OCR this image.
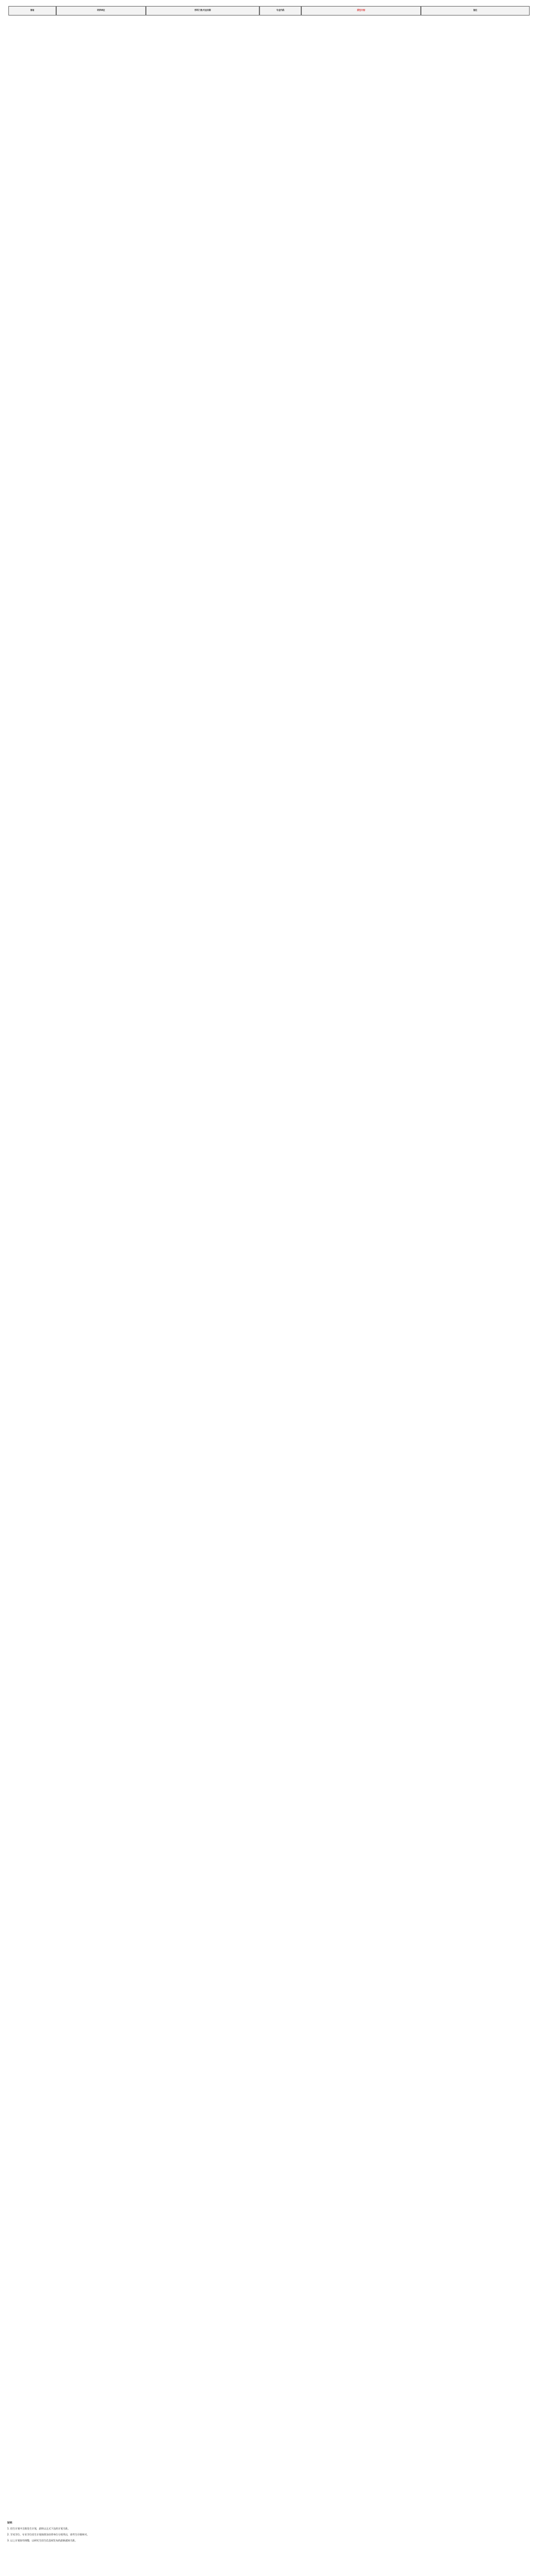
部局	培养单位	学科门类/专业名称	专业代码	招生计划	备注
说明：
1. 招生计划中含推免生计划，最终以正式下达的计划为准。
2. 学术学位、专业学位招生计划按照各培养单位分别列出，请考生仔细核对。
3. 以上计划如有调整，以研究生招生信息网发布的最新通知为准。
